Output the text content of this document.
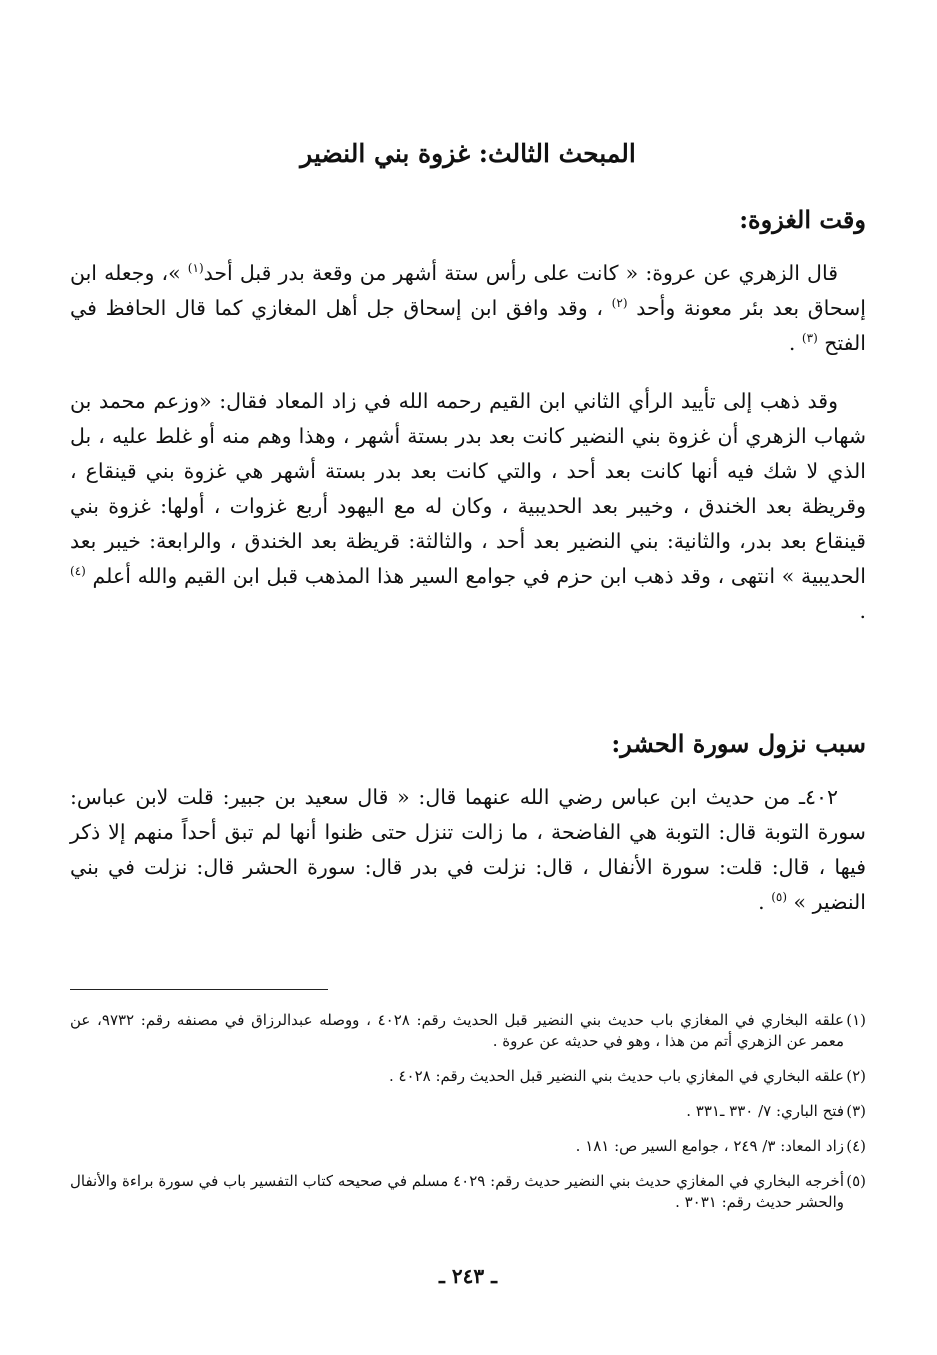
المبحث الثالث: غزوة بني النضير
وقت الغزوة:

قال الزهري عن عروة: « كانت على رأس ستة أشهر من وقعة بدر قبل أحد$^{(١)}$ »، وجعله ابن إسحاق بعد بئر معونة وأحد $^{(٢)}$ ، وقد وافق ابن إسحاق جل أهل المغازي كما قال الحافظ في الفتح $^{(٣)}$ .

وقد ذهب إلى تأييد الرأي الثاني ابن القيم رحمه الله في زاد المعاد فقال: «وزعم محمد بن شهاب الزهري أن غزوة بني النضير كانت بعد بدر بستة أشهر ، وهذا وهم منه أو غلط عليه ، بل الذي لا شك فيه أنها كانت بعد أحد ، والتي كانت بعد بدر بستة أشهر هي غزوة بني قينقاع ، وقريظة بعد الخندق ، وخيبر بعد الحديبية ، وكان له مع اليهود أربع غزوات ، أولها: غزوة بني قينقاع بعد بدر، والثانية: بني النضير بعد أحد ، والثالثة: قريظة بعد الخندق ، والرابعة: خيبر بعد الحديبية » انتهى ، وقد ذهب ابن حزم في جوامع السير هذا المذهب قبل ابن القيم والله أعلم $^{(٤)}$ .

سبب نزول سورة الحشر:

٤٠٢ـ من حديث ابن عباس رضي الله عنهما قال: « قال سعيد بن جبير: قلت لابن عباس: سورة التوبة قال: التوبة هي الفاضحة ، ما زالت تنزل حتى ظنوا أنها لم تبق أحداً منهم إلا ذكر فيها ، قال: قلت: سورة الأنفال ، قال: نزلت في بدر قال: سورة الحشر قال: نزلت في بني النضير » $^{(٥)}$ .

(١)
علقه البخاري في المغازي باب حديث بني النضير قبل الحديث رقم: ٤٠٢٨ ، ووصله عبدالرزاق في مصنفه رقم: ٩٧٣٢، عن معمر عن الزهري أتم من هذا ، وهو في حديثه عن عروة .
(٢)
علقه البخاري في المغازي باب حديث بني النضير قبل الحديث رقم: ٤٠٢٨ .
(٣)
فتح الباري: ٧/ ٣٣٠ ـ٣٣١ .
(٤)
زاد المعاد: ٣/ ٢٤٩ ، جوامع السير ص: ١٨١ .
(٥)
أخرجه البخاري في المغازي حديث بني النضير حديث رقم: ٤٠٢٩ مسلم في صحيحه كتاب التفسير باب في سورة براءة والأنفال والحشر حديث رقم: ٣٠٣١ .
ـ ٢٤٣ ـ
